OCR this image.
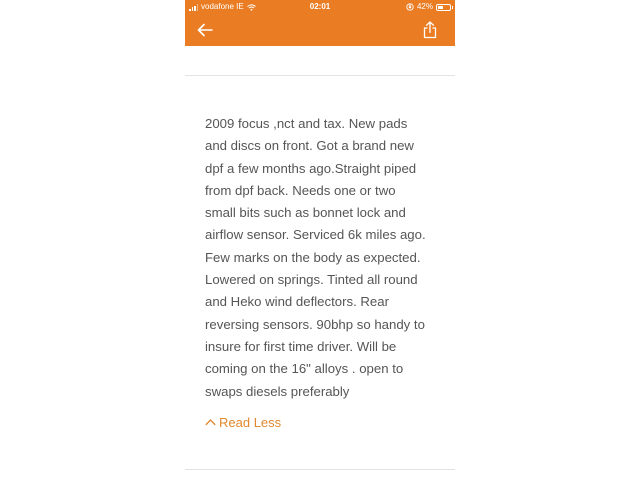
vodafone IE	02:01	42%

2009 focus ,nct and tax. New pads
and discs on front. Got a brand new
dpf a few months ago.Straight piped
from dpf back. Needs one or two
small bits such as bonnet lock and
airflow sensor. Serviced 6k miles ago.
Few marks on the body as expected.
Lowered on springs. Tinted all round
and Heko wind deflectors. Rear
reversing sensors. 90bhp so handy to
insure for first time driver. Will be
coming on the 16" alloys . open to
swaps diesels preferably

Read Less
